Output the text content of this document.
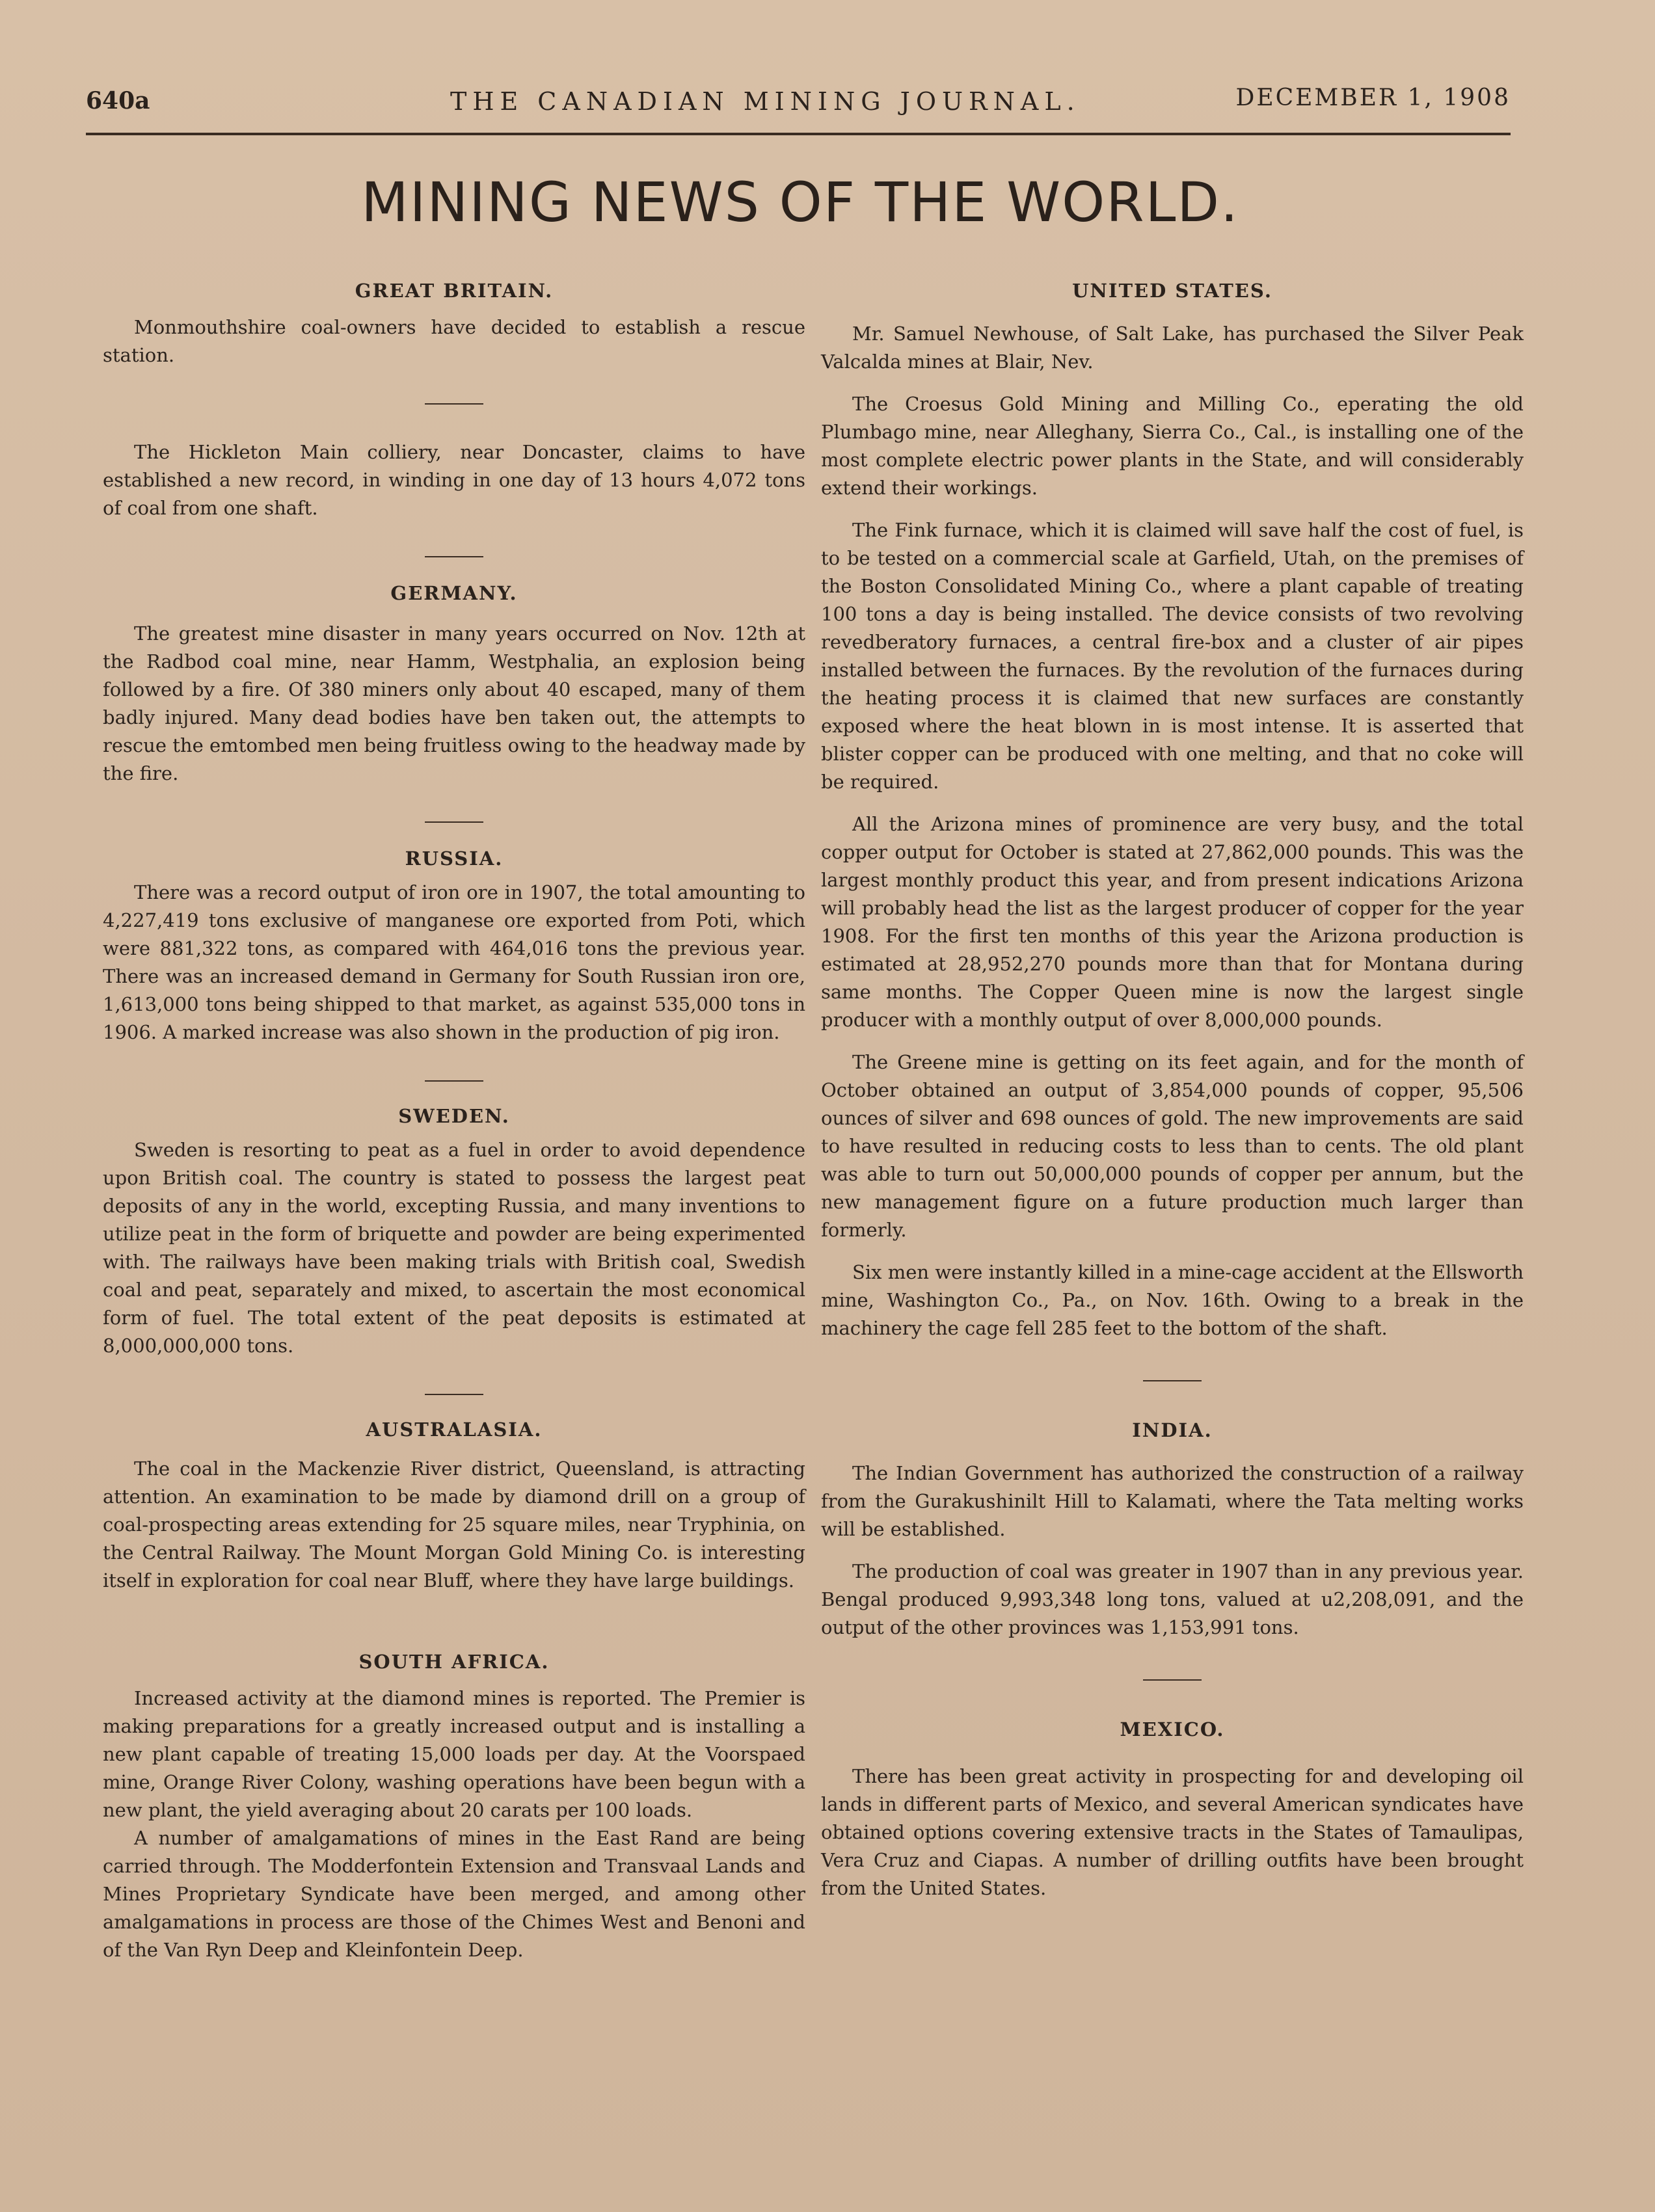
640a	THE CANADIAN MINING JOURNAL.	DECEMBER 1, 1908
MINING NEWS OF THE WORLD.
GREAT BRITAIN.

Monmouthshire coal-owners have decided to establish a rescue station.

The Hickleton Main colliery, near Doncaster, claims to have established a new record, in winding in one day of 13 hours 4,072 tons of coal from one shaft.

GERMANY.

The greatest mine disaster in many years occurred on Nov. 12th at the Radbod coal mine, near Hamm, Westphalia, an explosion being followed by a fire. Of 380 miners only about 40 escaped, many of them badly injured. Many dead bodies have ben taken out, the attempts to rescue the emtombed men being fruitless owing to the headway made by the fire.

RUSSIA.

There was a record output of iron ore in 1907, the total amounting to 4,227,419 tons exclusive of manganese ore exported from Poti, which were 881,322 tons, as compared with 464,016 tons the previous year. There was an increased demand in Germany for South Russian iron ore, 1,613,000 tons being shipped to that market, as against 535,000 tons in 1906. A marked increase was also shown in the production of pig iron.

SWEDEN.

Sweden is resorting to peat as a fuel in order to avoid dependence upon British coal. The country is stated to possess the largest peat deposits of any in the world, excepting Russia, and many inventions to utilize peat in the form of briquette and powder are being experimented with. The railways have been making trials with British coal, Swedish coal and peat, separately and mixed, to ascertain the most economical form of fuel. The total extent of the peat deposits is estimated at 8,000,000,000 tons.

AUSTRALASIA.

The coal in the Mackenzie River district, Queensland, is attracting attention. An examination to be made by diamond drill on a group of coal-prospecting areas extending for 25 square miles, near Tryphinia, on the Central Railway. The Mount Morgan Gold Mining Co. is interesting itself in exploration for coal near Bluff, where they have large buildings.

SOUTH AFRICA.

Increased activity at the diamond mines is reported. The Premier is making preparations for a greatly increased output and is installing a new plant capable of treating 15,000 loads per day. At the Voorspaed mine, Orange River Colony, washing operations have been begun with a new plant, the yield averaging about 20 carats per 100 loads.

A number of amalgamations of mines in the East Rand are being carried through. The Modderfontein Extension and Transvaal Lands and Mines Proprietary Syndicate have been merged, and among other amalgamations in process are those of the Chimes West and Benoni and of the Van Ryn Deep and Kleinfontein Deep.

UNITED STATES.

Mr. Samuel Newhouse, of Salt Lake, has purchased the Silver Peak Valcalda mines at Blair, Nev.

The Croesus Gold Mining and Milling Co., eperating the old Plumbago mine, near Alleghany, Sierra Co., Cal., is installing one of the most complete electric power plants in the State, and will considerably extend their workings.

The Fink furnace, which it is claimed will save half the cost of fuel, is to be tested on a commercial scale at Garfield, Utah, on the premises of the Boston Consolidated Mining Co., where a plant capable of treating 100 tons a day is being installed. The device consists of two revolving revedberatory furnaces, a central fire-box and a cluster of air pipes installed between the furnaces. By the revolution of the furnaces during the heating process it is claimed that new surfaces are constantly exposed where the heat blown in is most intense. It is asserted that blister copper can be produced with one melting, and that no coke will be required.

All the Arizona mines of prominence are very busy, and the total copper output for October is stated at 27,862,000 pounds. This was the largest monthly product this year, and from present indications Arizona will probably head the list as the largest producer of copper for the year 1908. For the first ten months of this year the Arizona production is estimated at 28,952,270 pounds more than that for Montana during same months. The Copper Queen mine is now the largest single producer with a monthly output of over 8,000,000 pounds.

The Greene mine is getting on its feet again, and for the month of October obtained an output of 3,854,000 pounds of copper, 95,506 ounces of silver and 698 ounces of gold. The new improvements are said to have resulted in reducing costs to less than to cents. The old plant was able to turn out 50,000,000 pounds of copper per annum, but the new management figure on a future production much larger than formerly.

Six men were instantly killed in a mine-cage accident at the Ellsworth mine, Washington Co., Pa., on Nov. 16th. Owing to a break in the machinery the cage fell 285 feet to the bottom of the shaft.

INDIA.

The Indian Government has authorized the construction of a railway from the Gurakushinilt Hill to Kalamati, where the Tata melting works will be established.

The production of coal was greater in 1907 than in any previous year. Bengal produced 9,993,348 long tons, valued at u2,208,091, and the output of the other provinces was 1,153,991 tons.

MEXICO.

There has been great activity in prospecting for and developing oil lands in different parts of Mexico, and several American syndicates have obtained options covering extensive tracts in the States of Tamaulipas, Vera Cruz and Ciapas. A number of drilling outfits have been brought from the United States.
